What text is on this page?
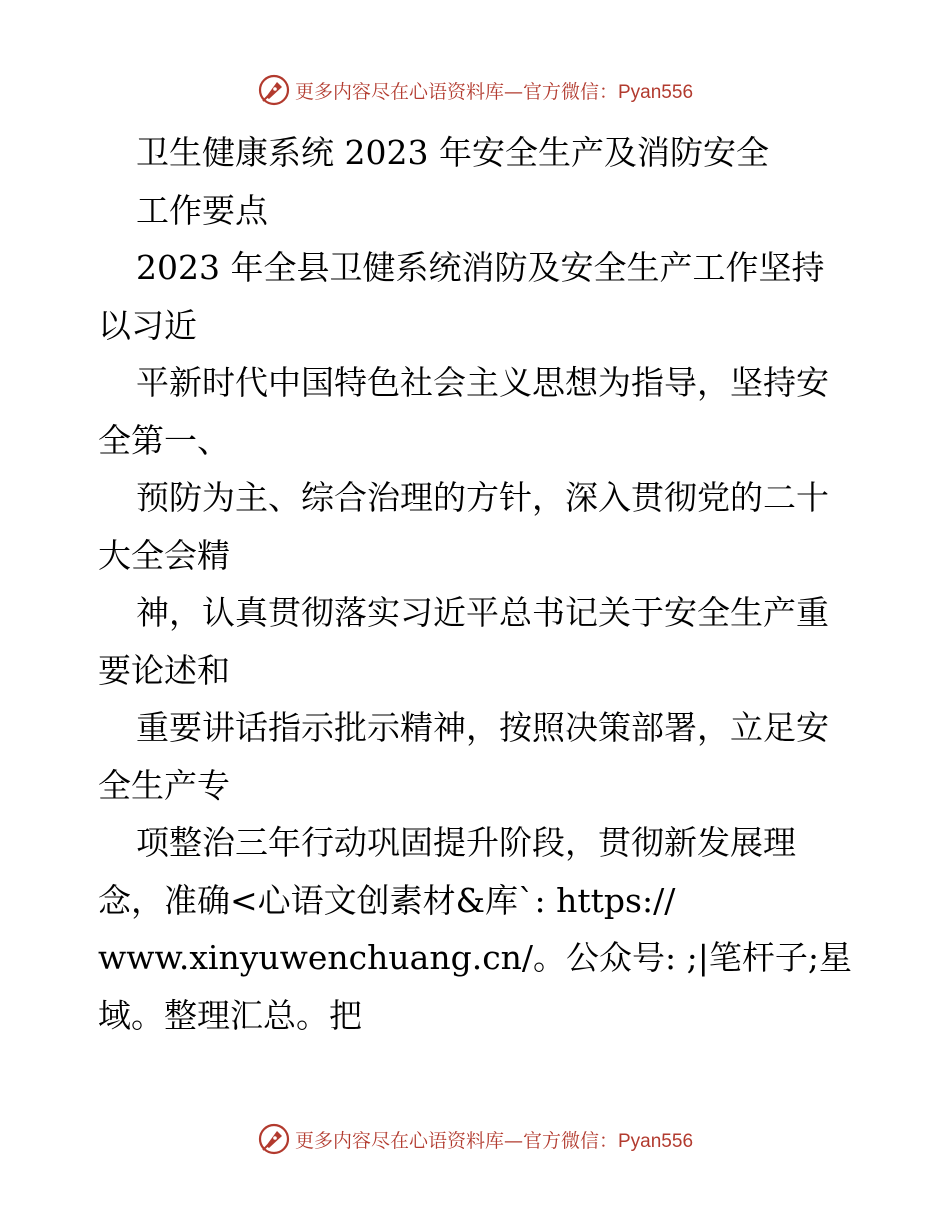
更多内容尽在心语资料库—官方微信：Pyan556
卫生健康系统 2023 年安全生产及消防安全
工作要点
2023 年全县卫健系统消防及安全生产工作坚持
以习近
平新时代中国特色社会主义思想为指导，坚持安
全第一、
预防为主、综合治理的方针，深入贯彻党的二十
大全会精
神，认真贯彻落实习近平总书记关于安全生产重
要论述和
重要讲话指示批示精神，按照决策部署，立足安
全生产专
项整治三年行动巩固提升阶段，贯彻新发展理
念，准确<心语文创素材&库`: https://
www.xinyuwenchuang.cn/。公众号: ;|笔杆子;星
域。整理汇总。把
更多内容尽在心语资料库—官方微信：Pyan556
